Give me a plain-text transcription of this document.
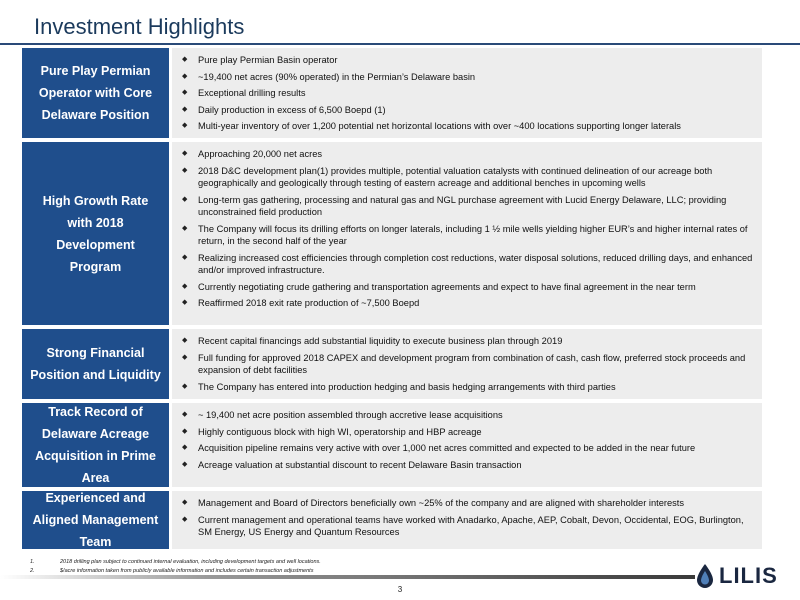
Investment Highlights
Pure Play Permian Operator with Core Delaware Position
◆	Pure play Permian Basin operator
◆	~19,400 net acres (90% operated) in the Permian’s Delaware basin
◆	Exceptional drilling results
◆	Daily production in excess of 6,500 Boepd (1)
◆	Multi-year inventory of over 1,200 potential net horizontal locations with over ~400 locations supporting longer laterals
High Growth Rate with 2018 Development Program
◆	Approaching 20,000 net acres
◆	2018 D&C development plan(1) provides multiple, potential valuation catalysts with continued delineation of our acreage both geographically and geologically through testing of eastern acreage and additional benches in upcoming wells
◆	Long-term gas gathering, processing and natural gas and NGL purchase agreement with Lucid Energy Delaware, LLC; providing unconstrained field production
◆	The Company will focus its drilling efforts on longer laterals, including 1 ½ mile wells yielding higher EUR’s and higher internal rates of return, in the second half of the year
◆	Realizing increased cost efficiencies through completion cost reductions, water disposal solutions, reduced drilling days, and enhanced and/or improved infrastructure.
◆	Currently negotiating crude gathering and transportation agreements and expect to have final agreement in the near term
◆	Reaffirmed 2018 exit rate production of ~7,500 Boepd
Strong Financial Position and Liquidity
◆	Recent capital financings add substantial liquidity to execute business plan through 2019
◆	Full funding for approved 2018 CAPEX and development program from combination of cash, cash flow, preferred stock proceeds and expansion of debt facilities
◆	The Company has entered into production hedging and basis hedging arrangements with third parties
Track Record of Delaware Acreage Acquisition in Prime Area
◆	~ 19,400 net acre position assembled through accretive lease acquisitions
◆	Highly contiguous block with high WI, operatorship and HBP acreage
◆	Acquisition pipeline remains very active with over 1,000 net acres committed and expected to be added in the near future
◆	Acreage valuation at substantial discount to recent Delaware Basin transaction
Experienced and Aligned Management Team
◆	Management and Board of Directors beneficially own ~25% of the company and are aligned with shareholder interests
◆	Current management and operational teams have worked with Anadarko, Apache, AEP, Cobalt, Devon, Occidental, EOG, Burlington, SM Energy, US Energy and Quantum Resources
1.	2018 drilling plan subject to continued internal evaluation, including development targets and well locations.
2.	$/acre information taken from publicly available information and includes certain transaction adjustments
3
LILIS
